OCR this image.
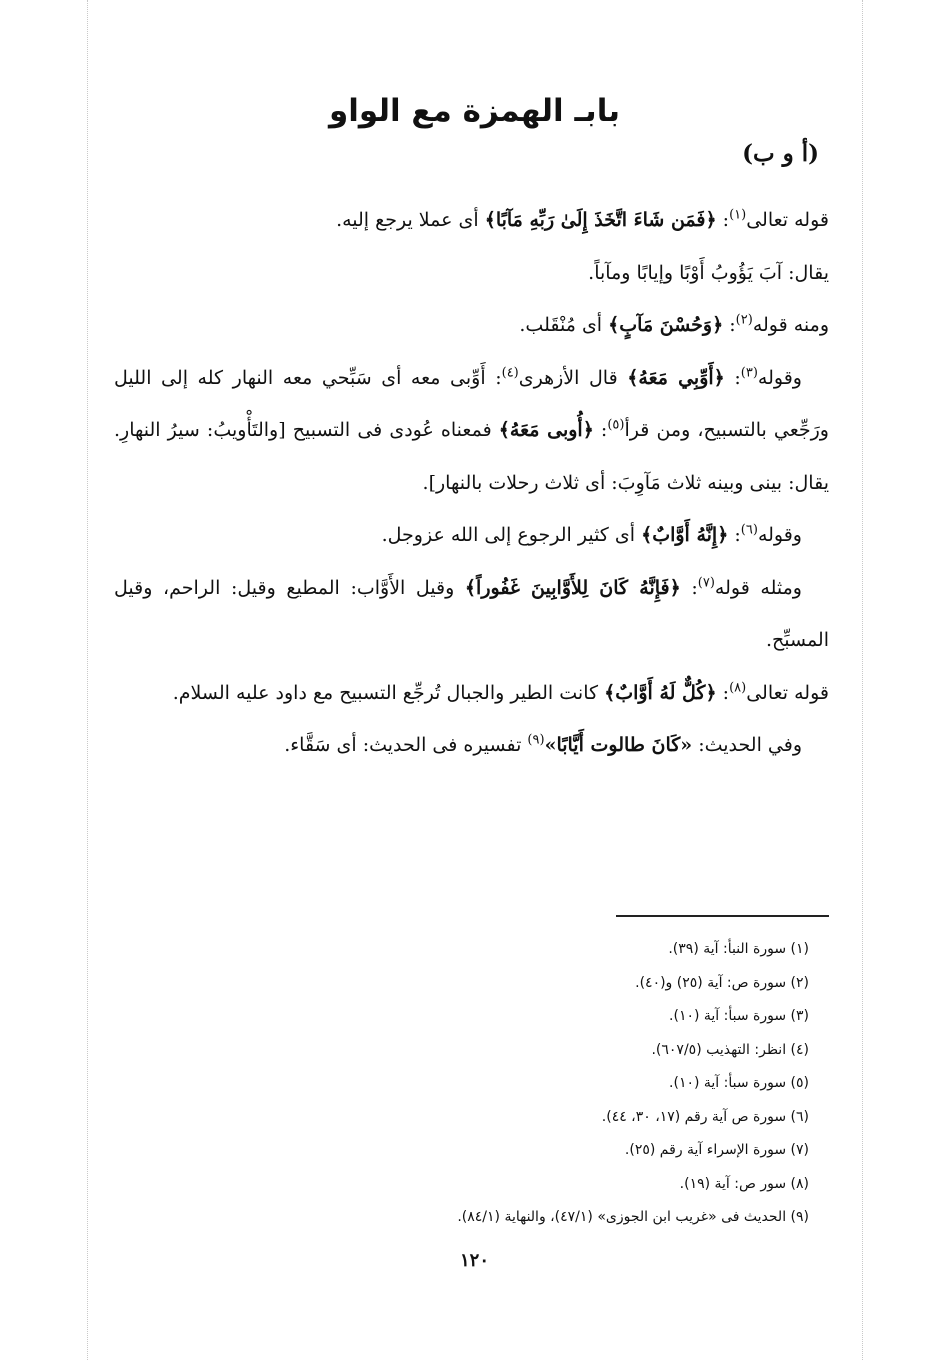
بابـ الهمزة مع الواو
(أ و ب)

قوله تعالى$^{(١)}$: ﴿فَمَن شَاءَ اتَّخَذَ إِلَىٰ رَبِّهِ مَآبًا﴾ أى عملا يرجع إليه.

يقال: آبَ يَؤُوبُ أَوْبًا وإيابًا ومآباً.

ومنه قوله$^{(٢)}$: ﴿وَحُسْنَ مَآبٍ﴾ أى مُنْقَلب.

وقوله$^{(٣)}$: ﴿أَوِّبِي مَعَهُ﴾ قال الأزهرى$^{(٤)}$: أَوِّبى معه أى سَبِّحي معه النهار كله إلى الليل ورَجِّعي بالتسبيح، ومن قرأ$^{(٥)}$: ﴿أُوبى مَعَهُ﴾ فمعناه عُودى فى التسبيح [والتَأْويبُ: سيرُ النهارِ. يقال: بينى وبينه ثلاث مَآوِبَ: أى ثلاث رحلات بالنهار].

وقوله$^{(٦)}$: ﴿إِنَّهُ أَوَّابٌ﴾ أى كثير الرجوع إلى الله عزوجل.

ومثله قوله$^{(٧)}$: ﴿فَإِنَّهُ كَانَ لِلأَوَّابِينَ غَفُوراً﴾ وقيل الأَوَّاب: المطيع وقيل: الراحم، وقيل المسبِّح.

قوله تعالى$^{(٨)}$: ﴿كُلٌّ لَهُ أَوَّابٌ﴾ كانت الطير والجبال تُرجِّع التسبيح مع داود عليه السلام.

وفي الحديث: «كَانَ طالوت أَيَّابًا»$^{(٩)}$ تفسيره فى الحديث: أى سَقَّاء.

(١) سورة النبأ: آية (٣٩).

(٢) سورة ص: آية (٢٥) و(٤٠).

(٣) سورة سبأ: آية (١٠).

(٤) انظر: التهذيب (٦٠٧/٥).

(٥) سورة سبأ: آية (١٠).

(٦) سورة ص آية رقم (١٧، ٣٠، ٤٤).

(٧) سورة الإسراء آية رقم (٢٥).

(٨) سور ص: آية (١٩).

(٩) الحديث فى «غريب ابن الجوزى» (٤٧/١)، والنهاية (٨٤/١).

١٢٠
